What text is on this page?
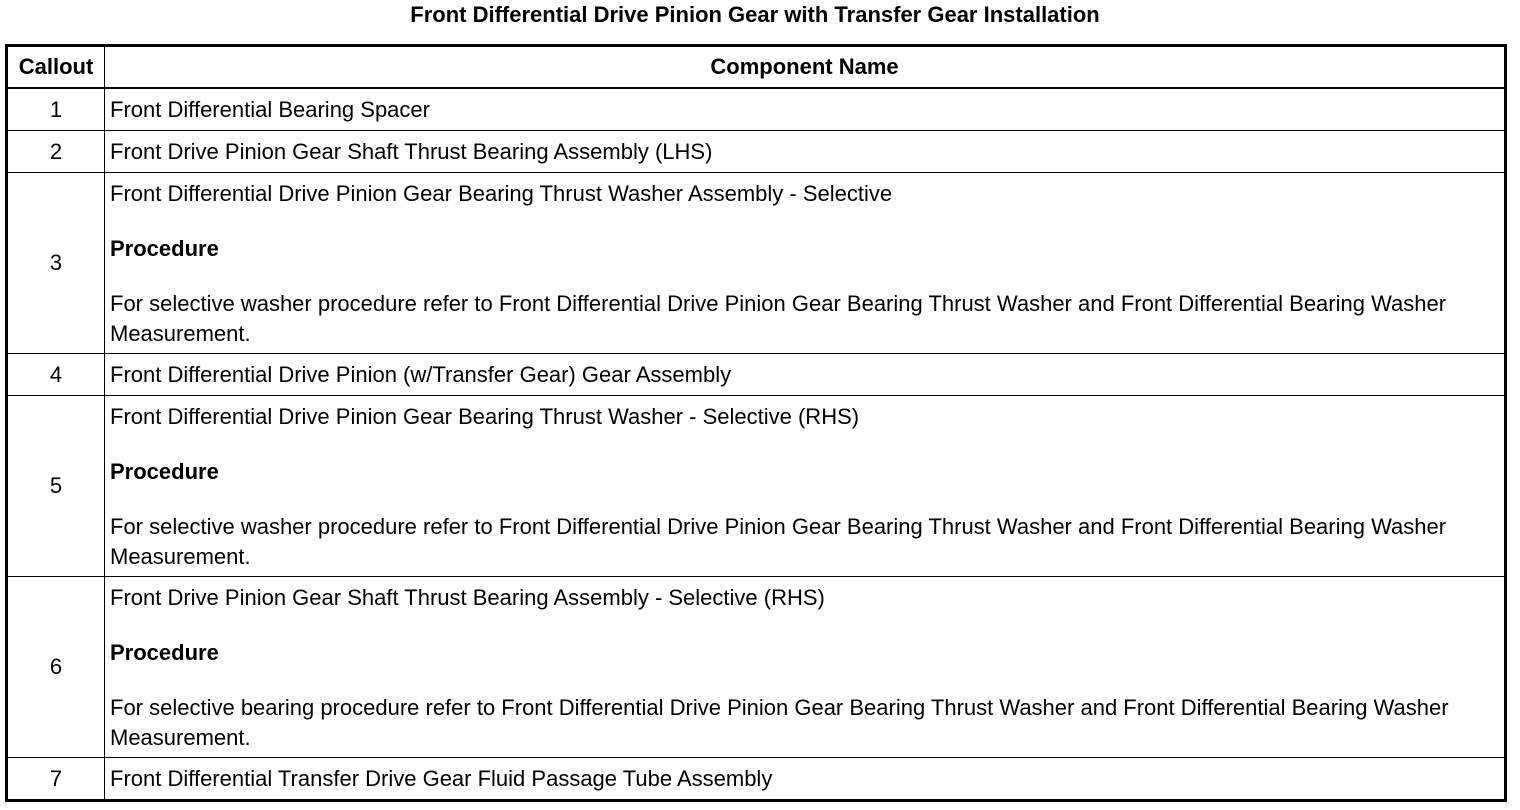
Front Differential Drive Pinion Gear with Transfer Gear Installation
Callout	Component Name
1	Front Differential Bearing Spacer
2	Front Drive Pinion Gear Shaft Thrust Bearing Assembly (LHS)
3	Front Differential Drive Pinion Gear Bearing Thrust Washer Assembly - Selective
Procedure
For selective washer procedure refer to Front Differential Drive Pinion Gear Bearing Thrust Washer and Front Differential Bearing Washer Measurement.

4	Front Differential Drive Pinion (w/Transfer Gear) Gear Assembly
5	Front Differential Drive Pinion Gear Bearing Thrust Washer - Selective (RHS)
Procedure
For selective washer procedure refer to Front Differential Drive Pinion Gear Bearing Thrust Washer and Front Differential Bearing Washer Measurement.

6	Front Drive Pinion Gear Shaft Thrust Bearing Assembly - Selective (RHS)
Procedure
For selective bearing procedure refer to Front Differential Drive Pinion Gear Bearing Thrust Washer and Front Differential Bearing Washer Measurement.

7	Front Differential Transfer Drive Gear Fluid Passage Tube Assembly
